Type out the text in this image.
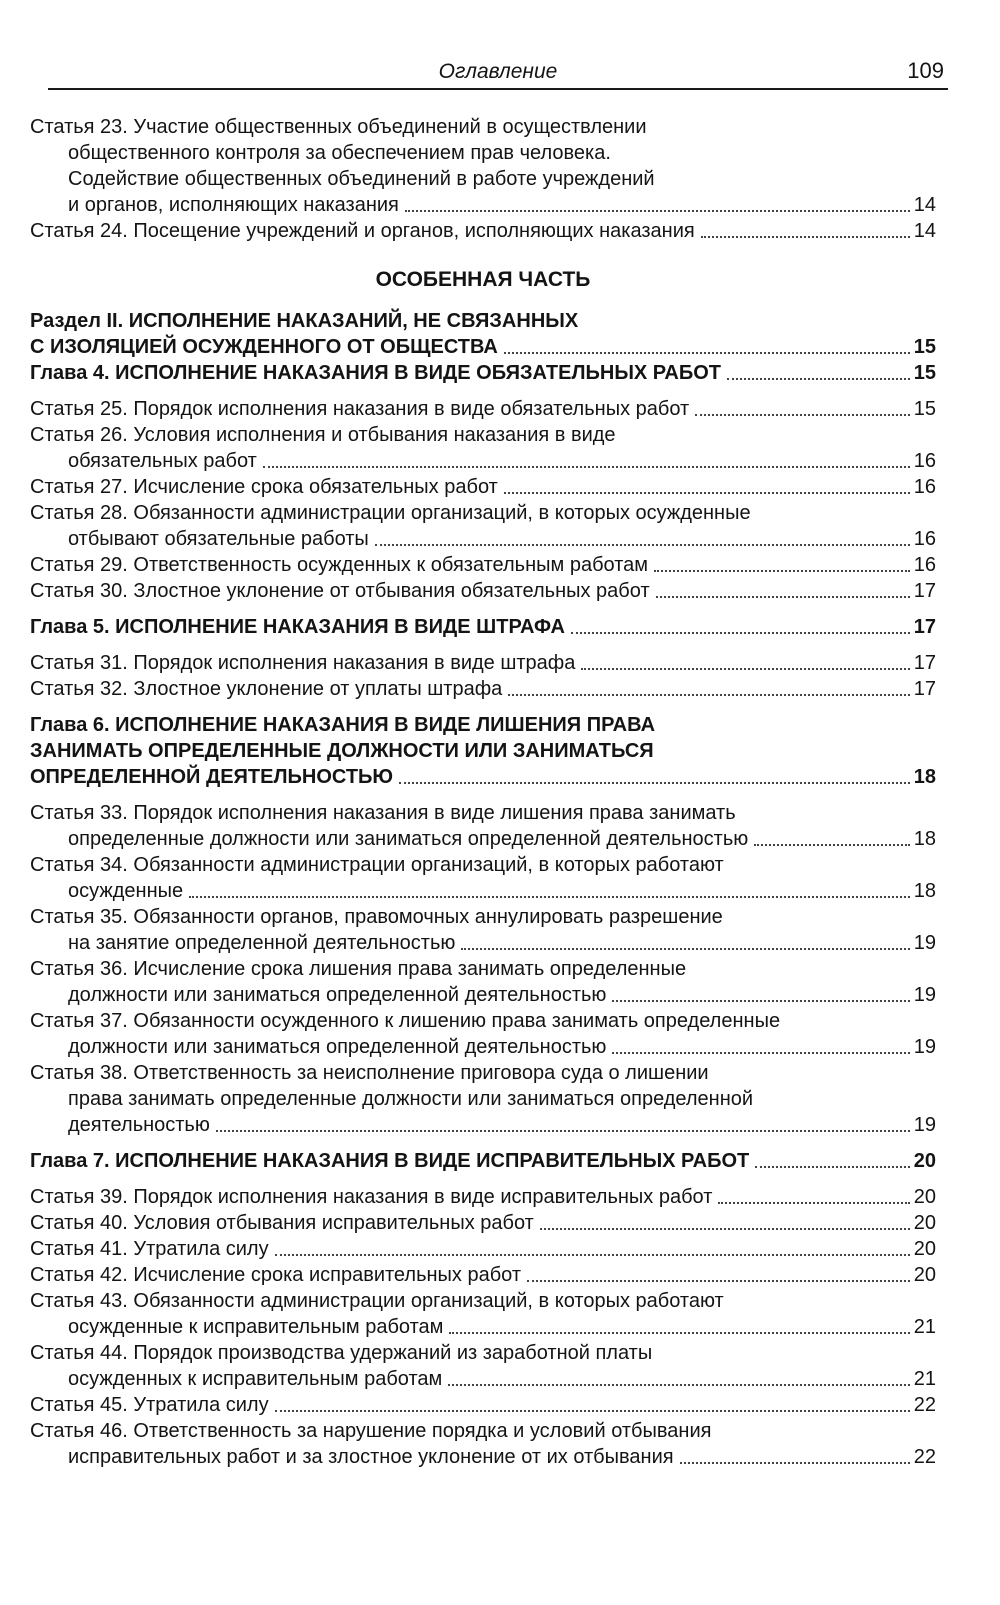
Оглавление	109
Статья 23. Участие общественных объединений в осуществлении
общественного контроля за обеспечением прав человека.
Содействие общественных объединений в работе учреждений
и органов, исполняющих наказания	14
Статья 24. Посещение учреждений и органов, исполняющих наказания	14
ОСОБЕННАЯ ЧАСТЬ
Раздел II. ИСПОЛНЕНИЕ НАКАЗАНИЙ, НЕ СВЯЗАННЫХ
С ИЗОЛЯЦИЕЙ ОСУЖДЕННОГО ОТ ОБЩЕСТВА	15
Глава 4. ИСПОЛНЕНИЕ НАКАЗАНИЯ В ВИДЕ ОБЯЗАТЕЛЬНЫХ РАБОТ	15
Статья 25. Порядок исполнения наказания в виде обязательных работ	15
Статья 26. Условия исполнения и отбывания наказания в виде
обязательных работ	16
Статья 27. Исчисление срока обязательных работ	16
Статья 28. Обязанности администрации организаций, в которых осужденные
отбывают обязательные работы	16
Статья 29. Ответственность осужденных к обязательным работам	16
Статья 30. Злостное уклонение от отбывания обязательных работ	17
Глава 5. ИСПОЛНЕНИЕ НАКАЗАНИЯ В ВИДЕ ШТРАФА	17
Статья 31. Порядок исполнения наказания в виде штрафа	17
Статья 32. Злостное уклонение от уплаты штрафа	17
Глава 6. ИСПОЛНЕНИЕ НАКАЗАНИЯ В ВИДЕ ЛИШЕНИЯ ПРАВА
ЗАНИМАТЬ ОПРЕДЕЛЕННЫЕ ДОЛЖНОСТИ ИЛИ ЗАНИМАТЬСЯ
ОПРЕДЕЛЕННОЙ ДЕЯТЕЛЬНОСТЬЮ	18
Статья 33. Порядок исполнения наказания в виде лишения права занимать
определенные должности или заниматься определенной деятельностью	18
Статья 34. Обязанности администрации организаций, в которых работают
осужденные	18
Статья 35. Обязанности органов, правомочных аннулировать разрешение
на занятие определенной деятельностью	19
Статья 36. Исчисление срока лишения права занимать определенные
должности или заниматься определенной деятельностью	19
Статья 37. Обязанности осужденного к лишению права занимать определенные
должности или заниматься определенной деятельностью	19
Статья 38. Ответственность за неисполнение приговора суда о лишении
права занимать определенные должности или заниматься определенной
деятельностью	19
Глава 7. ИСПОЛНЕНИЕ НАКАЗАНИЯ В ВИДЕ ИСПРАВИТЕЛЬНЫХ РАБОТ	20
Статья 39. Порядок исполнения наказания в виде исправительных работ	20
Статья 40. Условия отбывания исправительных работ	20
Статья 41. Утратила силу	20
Статья 42. Исчисление срока исправительных работ	20
Статья 43. Обязанности администрации организаций, в которых работают
осужденные к исправительным работам	21
Статья 44. Порядок производства удержаний из заработной платы
осужденных к исправительным работам	21
Статья 45. Утратила силу	22
Статья 46. Ответственность за нарушение порядка и условий отбывания
исправительных работ и за злостное уклонение от их отбывания	22
